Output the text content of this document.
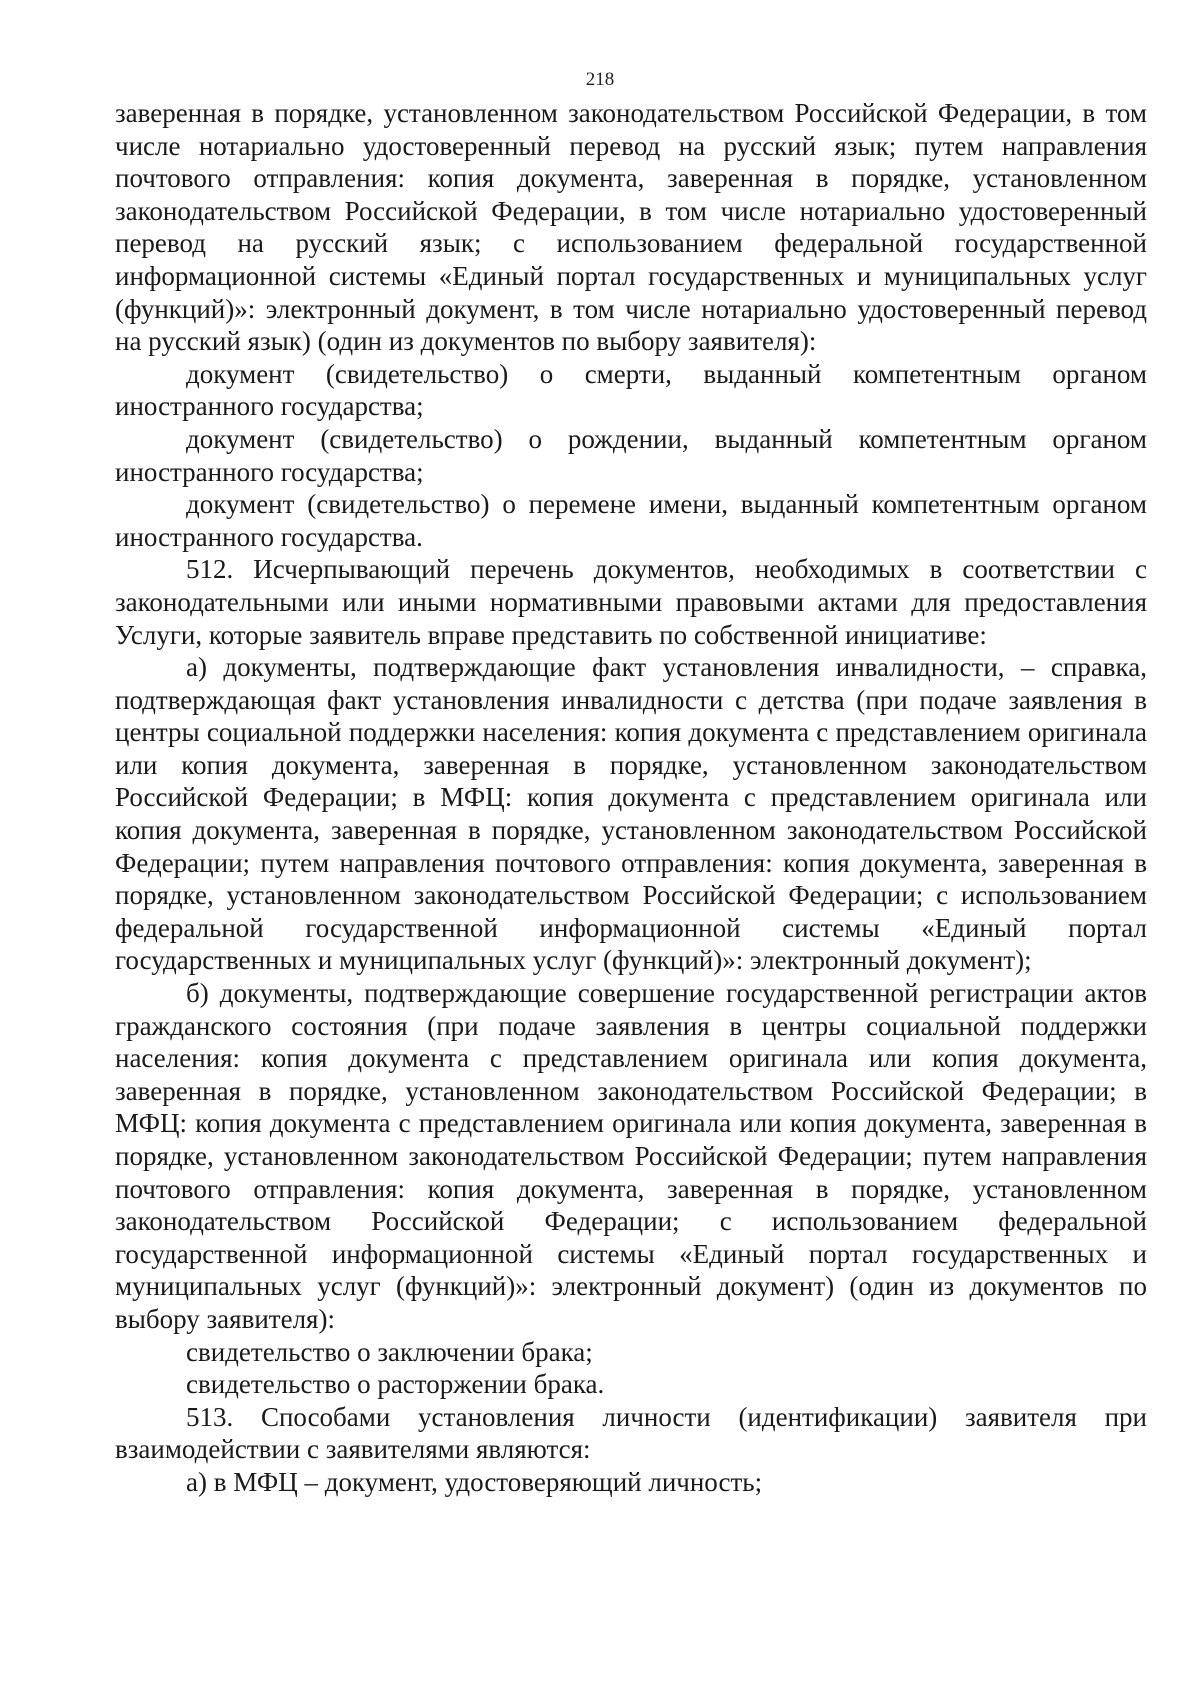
218

заверенная в порядке, установленном законодательством Российской Федерации, в том числе нотариально удостоверенный перевод на русский язык; путем направления почтового отправления: копия документа, заверенная в порядке, установленном законодательством Российской Федерации, в том числе нотариально удостоверенный перевод на русский язык; с использованием федеральной государственной информационной системы «Единый портал государственных и муниципальных услуг (функций)»: электронный документ, в том числе нотариально удостоверенный перевод на русский язык) (один из документов по выбору заявителя):

документ (свидетельство) о смерти, выданный компетентным органом иностранного государства;

документ (свидетельство) о рождении, выданный компетентным органом иностранного государства;

документ (свидетельство) о перемене имени, выданный компетентным органом иностранного государства.

512. Исчерпывающий перечень документов, необходимых в соответствии с законодательными или иными нормативными правовыми актами для предоставления Услуги, которые заявитель вправе представить по собственной инициативе:

а) документы, подтверждающие факт установления инвалидности, – справка, подтверждающая факт установления инвалидности с детства (при подаче заявления в центры социальной поддержки населения: копия документа с представлением оригинала или копия документа, заверенная в порядке, установленном законодательством Российской Федерации; в МФЦ: копия документа с представлением оригинала или копия документа, заверенная в порядке, установленном законодательством Российской Федерации; путем направления почтового отправления: копия документа, заверенная в порядке, установленном законодательством Российской Федерации; с использованием федеральной государственной информационной системы «Единый портал государственных и муниципальных услуг (функций)»: электронный документ);

б) документы, подтверждающие совершение государственной регистрации актов гражданского состояния (при подаче заявления в центры социальной поддержки населения: копия документа с представлением оригинала или копия документа, заверенная в порядке, установленном законодательством Российской Федерации; в МФЦ: копия документа с представлением оригинала или копия документа, заверенная в порядке, установленном законодательством Российской Федерации; путем направления почтового отправления: копия документа, заверенная в порядке, установленном законодательством Российской Федерации; с использованием федеральной государственной информационной системы «Единый портал государственных и муниципальных услуг (функций)»: электронный документ) (один из документов по выбору заявителя):

свидетельство о заключении брака;

свидетельство о расторжении брака.

513. Способами установления личности (идентификации) заявителя при взаимодействии с заявителями являются:

а) в МФЦ – документ, удостоверяющий личность;
